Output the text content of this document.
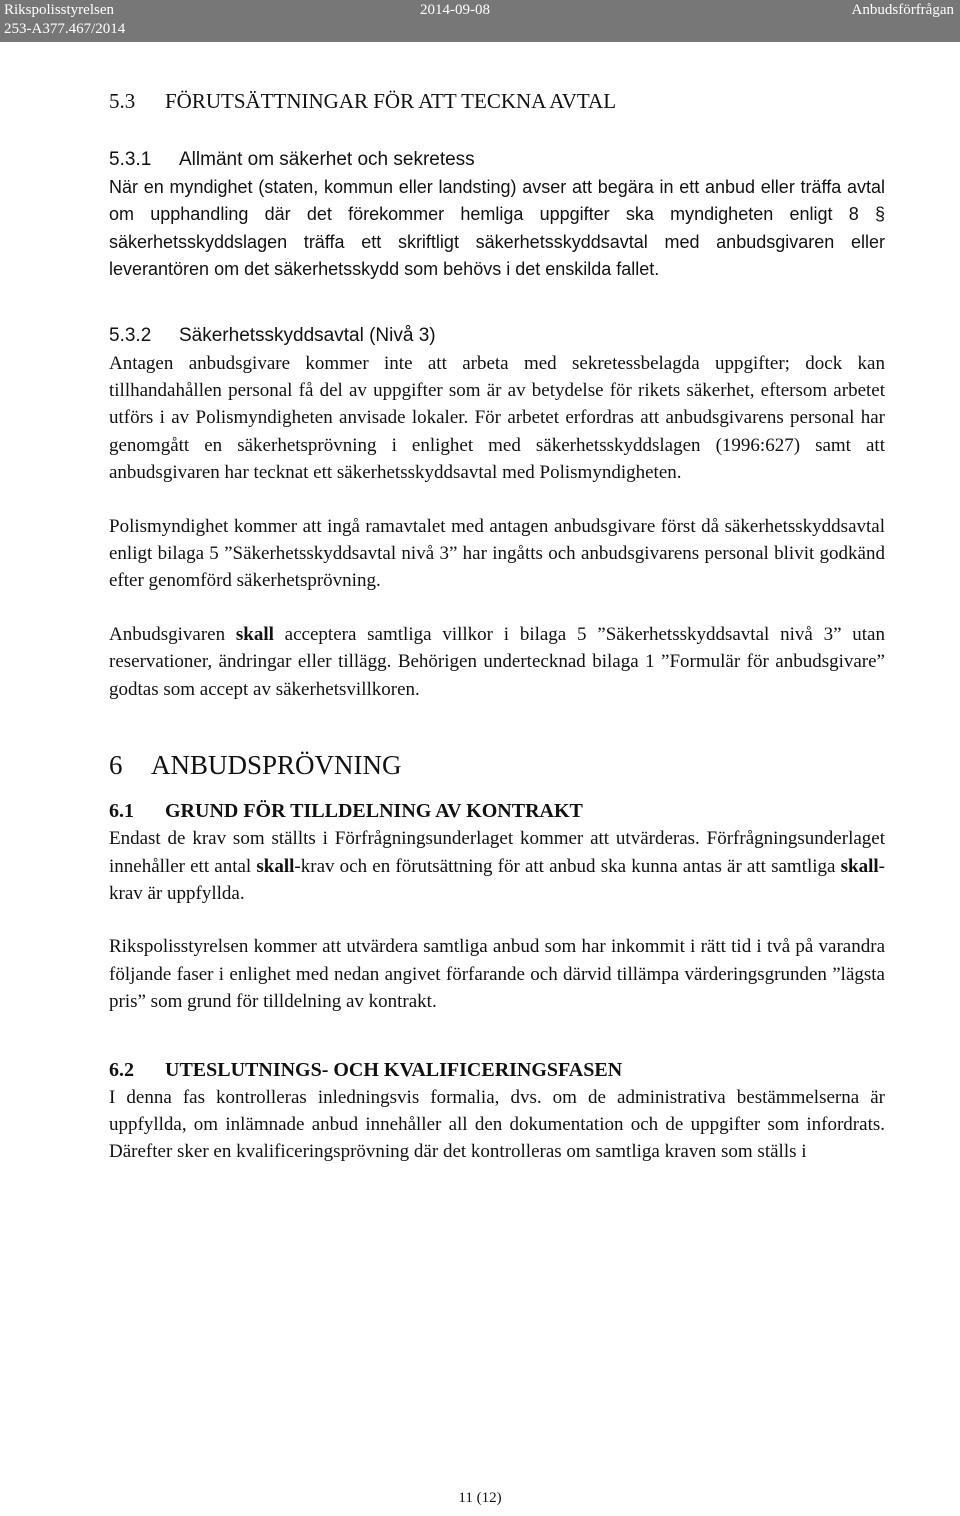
Rikspolisstyrelsen
253-A377.467/2014
2014-09-08	Anbudsförfrågan
5.3 FÖRUTSÄTTNINGAR FÖR ATT TECKNA AVTAL
5.3.1 Allmänt om säkerhet och sekretess

När en myndighet (staten, kommun eller landsting) avser att begära in ett anbud eller träffa avtal om upphandling där det förekommer hemliga uppgifter ska myndigheten enligt 8 § säkerhetsskyddslagen träffa ett skriftligt säkerhetsskyddsavtal med anbudsgivaren eller leverantören om det säkerhetsskydd som behövs i det enskilda fallet.

5.3.2 Säkerhetsskyddsavtal (Nivå 3)

Antagen anbudsgivare kommer inte att arbeta med sekretessbelagda uppgifter; dock kan tillhandahållen personal få del av uppgifter som är av betydelse för rikets säkerhet, eftersom arbetet utförs i av Polismyndigheten anvisade lokaler. För arbetet erfordras att anbudsgivarens personal har genomgått en säkerhetsprövning i enlighet med säkerhetsskyddslagen (1996:627) samt att anbudsgivaren har tecknat ett säkerhetsskyddsavtal med Polismyndigheten.

Polismyndighet kommer att ingå ramavtalet med antagen anbudsgivare först då säkerhetsskyddsavtal enligt bilaga 5 ”Säkerhetsskyddsavtal nivå 3” har ingåtts och anbudsgivarens personal blivit godkänd efter genomförd säkerhetsprövning.

Anbudsgivaren skall acceptera samtliga villkor i bilaga 5 ”Säkerhetsskyddsavtal nivå 3” utan reservationer, ändringar eller tillägg. Behörigen undertecknad bilaga 1 ”Formulär för anbudsgivare” godtas som accept av säkerhetsvillkoren.

6 ANBUDSPRÖVNING
6.1 GRUND FÖR TILLDELNING AV KONTRAKT

Endast de krav som ställts i Förfrågningsunderlaget kommer att utvärderas. Förfrågningsunderlaget innehåller ett antal skall-krav och en förutsättning för att anbud ska kunna antas är att samtliga skall-krav är uppfyllda.

Rikspolisstyrelsen kommer att utvärdera samtliga anbud som har inkommit i rätt tid i två på varandra följande faser i enlighet med nedan angivet förfarande och därvid tillämpa värderingsgrunden ”lägsta pris” som grund för tilldelning av kontrakt.

6.2 UTESLUTNINGS- OCH KVALIFICERINGSFASEN

I denna fas kontrolleras inledningsvis formalia, dvs. om de administrativa bestämmelserna är uppfyllda, om inlämnade anbud innehåller all den dokumentation och de uppgifter som infordrats. Därefter sker en kvalificeringsprövning där det kontrolleras om samtliga kraven som ställs i

11 (12)
